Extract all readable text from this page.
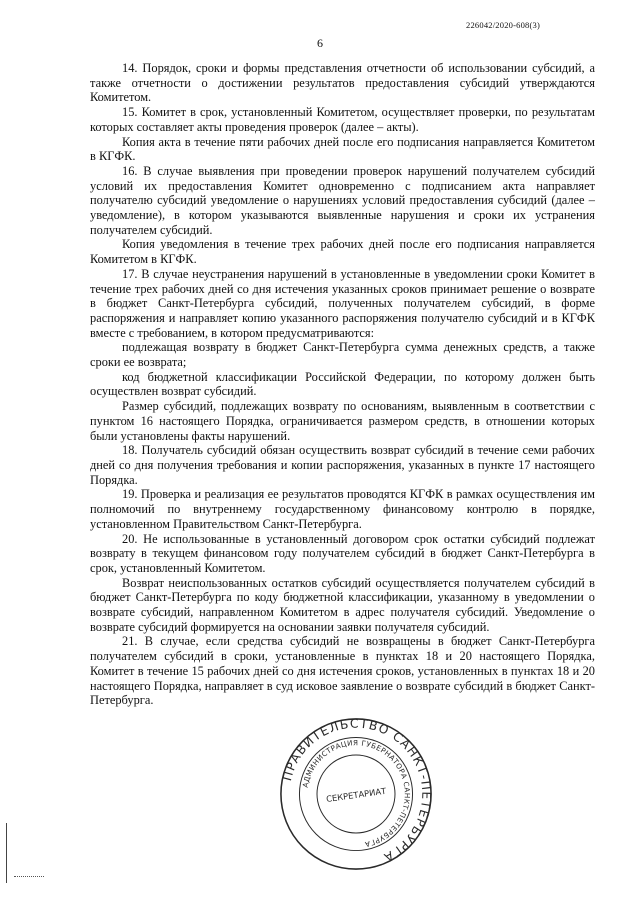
226042/2020-608(3)
6

14. Порядок, сроки и формы представления отчетности об использовании субсидий, а также отчетности о достижении результатов предоставления субсидий утверждаются Комитетом.

15. Комитет в срок, установленный Комитетом, осуществляет проверки, по результатам которых составляет акты проведения проверок (далее – акты).

Копия акта в течение пяти рабочих дней после его подписания направляется Комитетом в КГФК.

16. В случае выявления при проведении проверок нарушений получателем субсидий условий их предоставления Комитет одновременно с подписанием акта направляет получателю субсидий уведомление о нарушениях условий предоставления субсидий (далее – уведомление), в котором указываются выявленные нарушения и сроки их устранения получателем субсидий.

Копия уведомления в течение трех рабочих дней после его подписания направляется Комитетом в КГФК.

17. В случае неустранения нарушений в установленные в уведомлении сроки Комитет в течение трех рабочих дней со дня истечения указанных сроков принимает решение о возврате в бюджет Санкт-Петербурга субсидий, полученных получателем субсидий, в форме распоряжения и направляет копию указанного распоряжения получателю субсидий и в КГФК вместе с требованием, в котором предусматриваются:

подлежащая возврату в бюджет Санкт-Петербурга сумма денежных средств, а также сроки ее возврата;

код бюджетной классификации Российской Федерации, по которому должен быть осуществлен возврат субсидий.

Размер субсидий, подлежащих возврату по основаниям, выявленным в соответствии с пунктом 16 настоящего Порядка, ограничивается размером средств, в отношении которых были установлены факты нарушений.

18. Получатель субсидий обязан осуществить возврат субсидий в течение семи рабочих дней со дня получения требования и копии распоряжения, указанных в пункте 17 настоящего Порядка.

19. Проверка и реализация ее результатов проводятся КГФК в рамках осуществления им полномочий по внутреннему государственному финансовому контролю в порядке, установленном Правительством Санкт-Петербурга.

20. Не использованные в установленный договором срок остатки субсидий подлежат возврату в текущем финансовом году получателем субсидий в бюджет Санкт-Петербурга в срок, установленный Комитетом.

Возврат неиспользованных остатков субсидий осуществляется получателем субсидий в бюджет Санкт-Петербурга по коду бюджетной классификации, указанному в уведомлении о возврате субсидий, направленном Комитетом в адрес получателя субсидий. Уведомление о возврате субсидий формируется на основании заявки получателя субсидий.

21. В случае, если средства субсидий не возвращены в бюджет Санкт-Петербурга получателем субсидий в сроки, установленные в пунктах 18 и 20 настоящего Порядка, Комитет в течение 15 рабочих дней со дня истечения сроков, установленных в пунктах 18 и 20 настоящего Порядка, направляет в суд исковое заявление о возврате субсидий в бюджет Санкт-Петербурга.

ПРАВИТЕЛЬСТВО САНКТ-ПЕТЕРБУРГА
АДМИНИСТРАЦИЯ ГУБЕРНАТОРА САНКТ-ПЕТЕРБУРГА
СЕКРЕТАРИАТ
